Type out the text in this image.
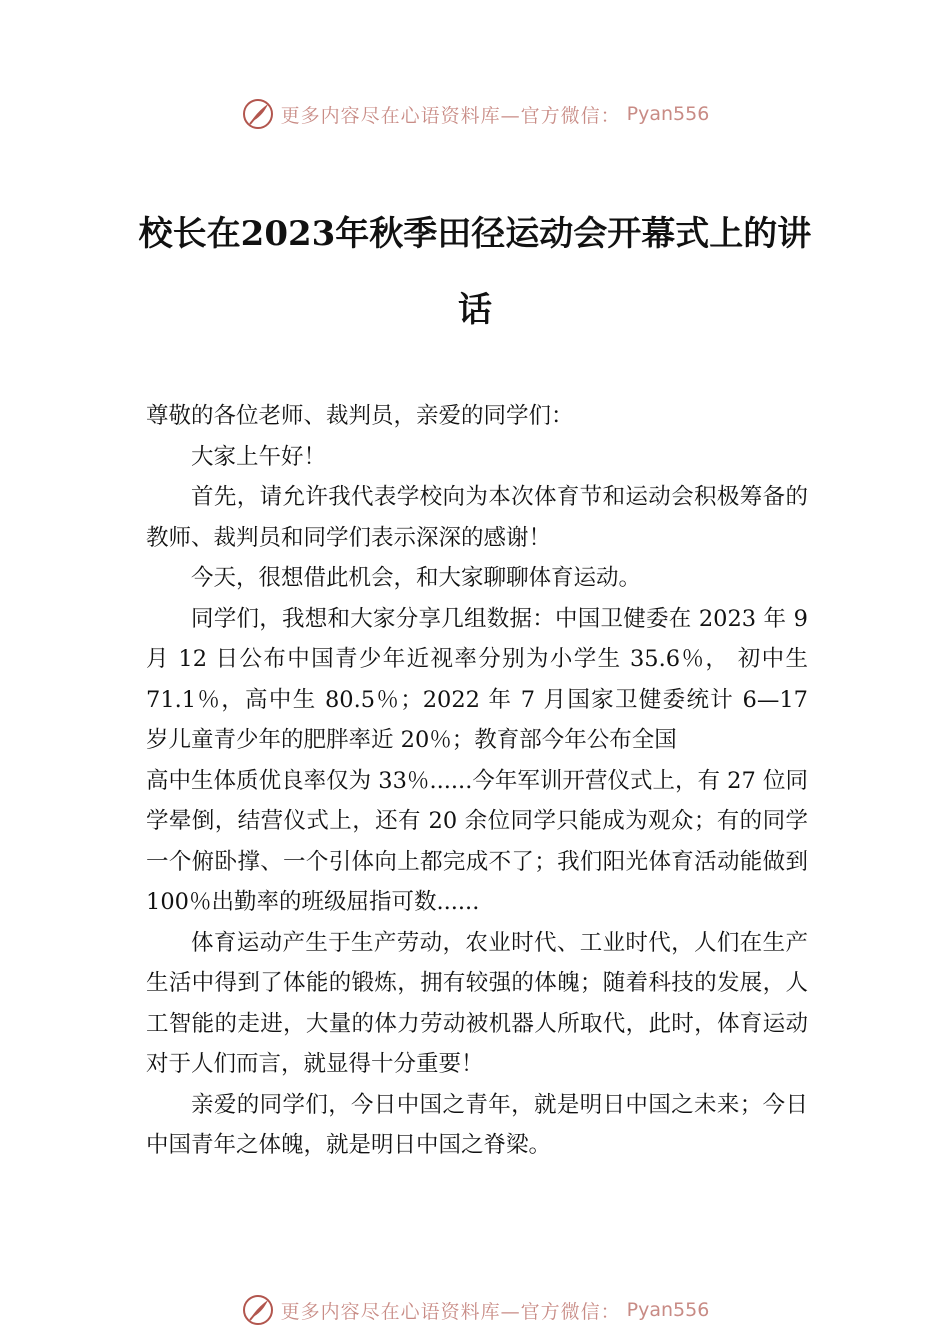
更多内容尽在心语资料库—官方微信： Pyan556
校长在2023年秋季田径运动会开幕式上的讲话

尊敬的各位老师、裁判员，亲爱的同学们：

大家上午好！

首先，请允许我代表学校向为本次体育节和运动会积极筹备的教师、裁判员和同学们表示深深的感谢！

今天，很想借此机会，和大家聊聊体育运动。

同学们，我想和大家分享几组数据：中国卫健委在 2023 年 9 月 12 日公布中国青少年近视率分别为小学生 35.6％， 初中生 71.1％，高中生 80.5％；2022 年 7 月国家卫健委统计 6—17 岁儿童青少年的肥胖率近 20％；教育部今年公布全国

高中生体质优良率仅为 33％......今年军训开营仪式上，有 27 位同学晕倒，结营仪式上，还有 20 余位同学只能成为观众；有的同学一个俯卧撑、一个引体向上都完成不了；我们阳光体育活动能做到 100％出勤率的班级屈指可数......

体育运动产生于生产劳动，农业时代、工业时代，人们在生产生活中得到了体能的锻炼，拥有较强的体魄；随着科技的发展，人工智能的走进，大量的体力劳动被机器人所取代，此时，体育运动对于人们而言，就显得十分重要！

亲爱的同学们，今日中国之青年，就是明日中国之未来；今日中国青年之体魄，就是明日中国之脊梁。

更多内容尽在心语资料库—官方微信： Pyan556
